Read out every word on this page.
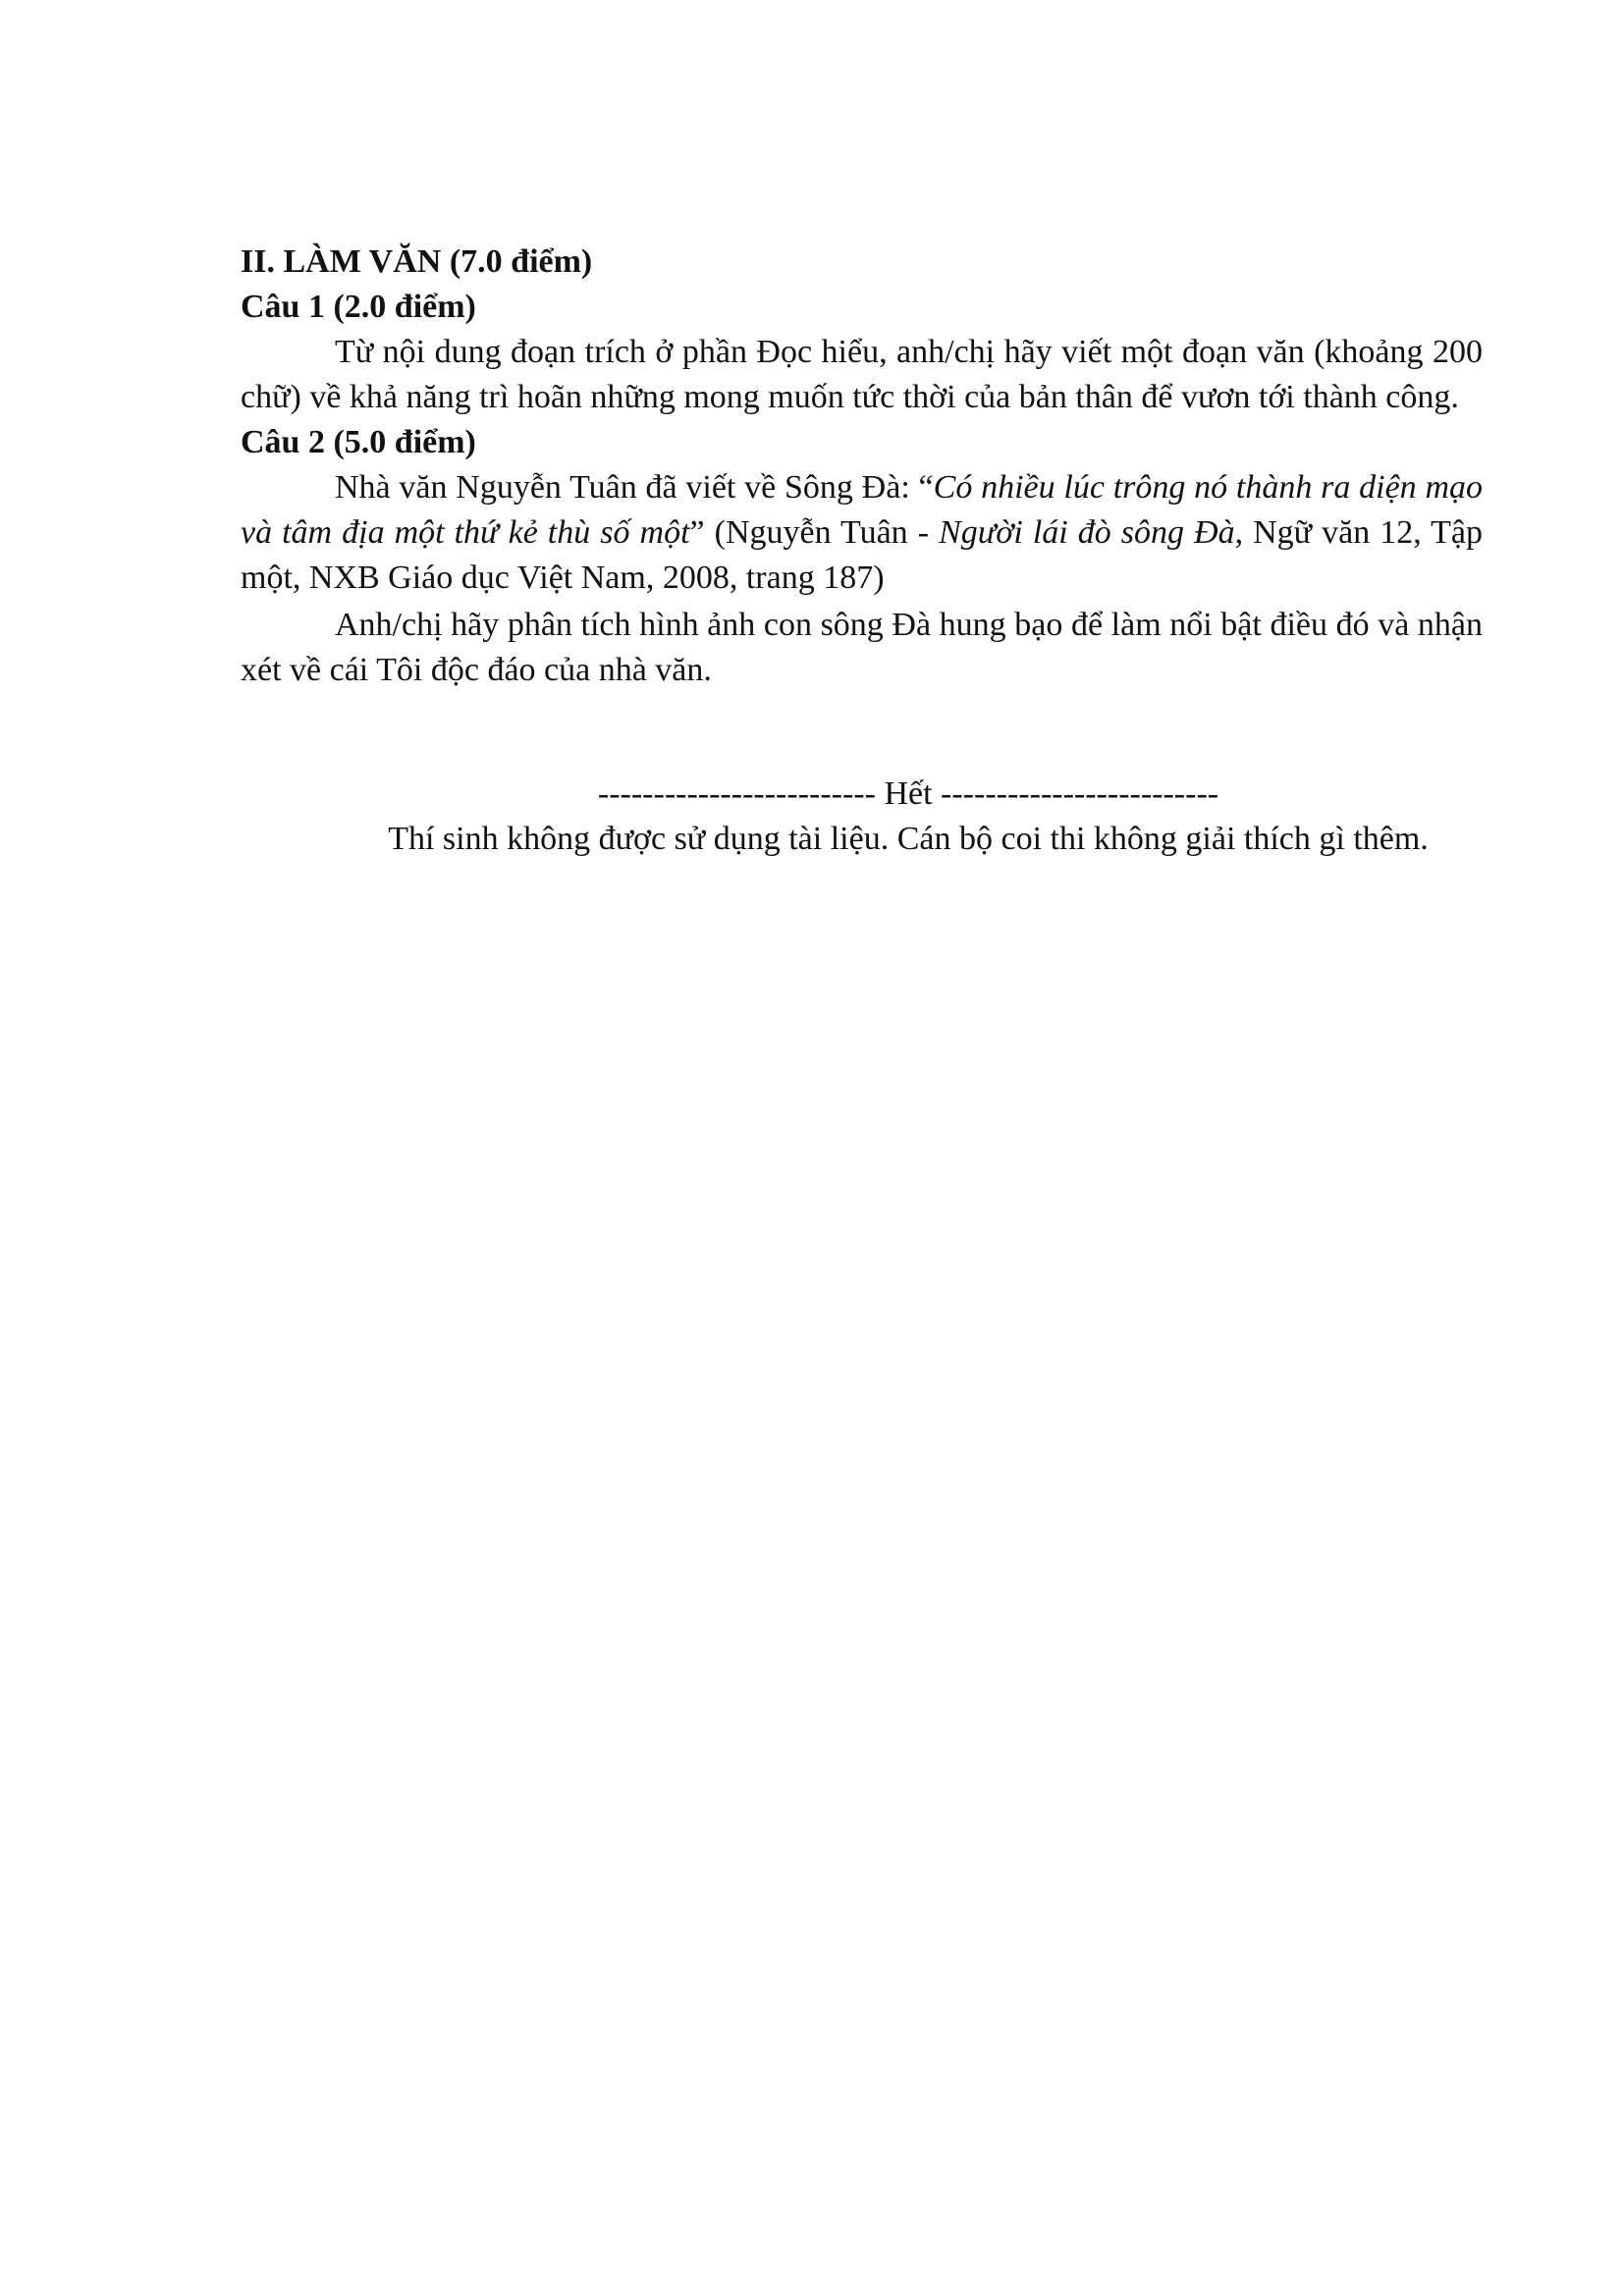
II. LÀM VĂN (7.0 điểm)

Câu 1 (2.0 điểm)

Từ nội dung đoạn trích ở phần Đọc hiểu, anh/chị hãy viết một đoạn văn (khoảng 200 chữ) về khả năng trì hoãn những mong muốn tức thời của bản thân để vươn tới thành công.

Câu 2 (5.0 điểm)

Nhà văn Nguyễn Tuân đã viết về Sông Đà: “Có nhiều lúc trông nó thành ra diện mạo và tâm địa một thứ kẻ thù số một” (Nguyễn Tuân - Người lái đò sông Đà, Ngữ văn 12, Tập một, NXB Giáo dục Việt Nam, 2008, trang 187)

Anh/chị hãy phân tích hình ảnh con sông Đà hung bạo để làm nổi bật điều đó và nhận xét về cái Tôi độc đáo của nhà văn.

------------------------- Hết -------------------------

Thí sinh không được sử dụng tài liệu. Cán bộ coi thi không giải thích gì thêm.
